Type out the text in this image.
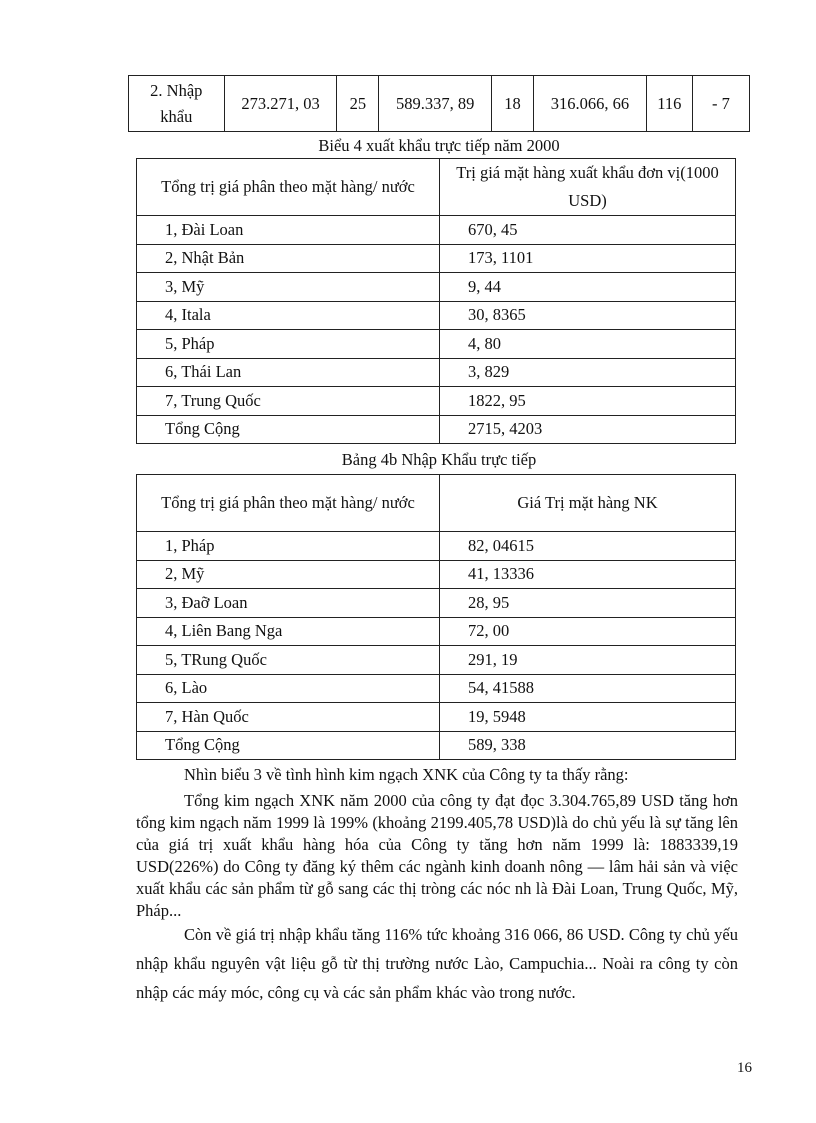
2. Nhập khẩu	273.271, 03	25	589.337, 89	18	316.066, 66	116	- 7
Biểu 4 xuất khẩu trực tiếp năm 2000
Tổng trị giá phân theo mặt hàng/ nước	Trị giá mặt hàng xuất khẩu đơn vị(1000 USD)
1, Đài Loan	670, 45
2, Nhật Bản	173, 1101
3, Mỹ	9, 44
4, Itala	30, 8365
5, Pháp	4, 80
6, Thái Lan	3, 829
7, Trung Quốc	1822, 95
Tổng Cộng	2715, 4203
Bảng 4b Nhập Khẩu trực tiếp
Tổng trị giá phân theo mặt hàng/ nước	Giá Trị mặt hàng NK
1, Pháp	82, 04615
2, Mỹ	41, 13336
3, Đaỡ Loan	28, 95
4, Liên Bang Nga	72, 00
5, TRung Quốc	291, 19
6, Lào	54, 41588
7, Hàn Quốc	19, 5948
Tổng Cộng	589, 338
Nhìn biểu 3 về tình hình kim ngạch XNK của Công ty ta thấy rằng:
Tổng kim ngạch XNK năm 2000 của công ty đạt đọc 3.304.765,89 USD tăng hơn tổng kim ngạch năm 1999 là 199% (khoảng 2199.405,78 USD)là do chủ yếu là sự tăng lên của giá trị xuất khẩu hàng hóa của Công ty tăng hơn năm 1999 là: 1883339,19 USD(226%) do Công ty đăng ký thêm các ngành kinh doanh nông — lâm hải sản và việc xuất khẩu các sản phẩm từ gỗ sang các thị tròng các nóc nh là Đài Loan, Trung Quốc, Mỹ, Pháp...
Còn về giá trị nhập khẩu tăng 116% tức khoảng 316 066, 86 USD. Công ty chủ yếu nhập khẩu nguyên vật liệu gỗ từ thị trường nước Lào, Campuchia... Noài ra công ty còn nhập các máy móc, công cụ và các sản phẩm khác vào trong nước.
16
